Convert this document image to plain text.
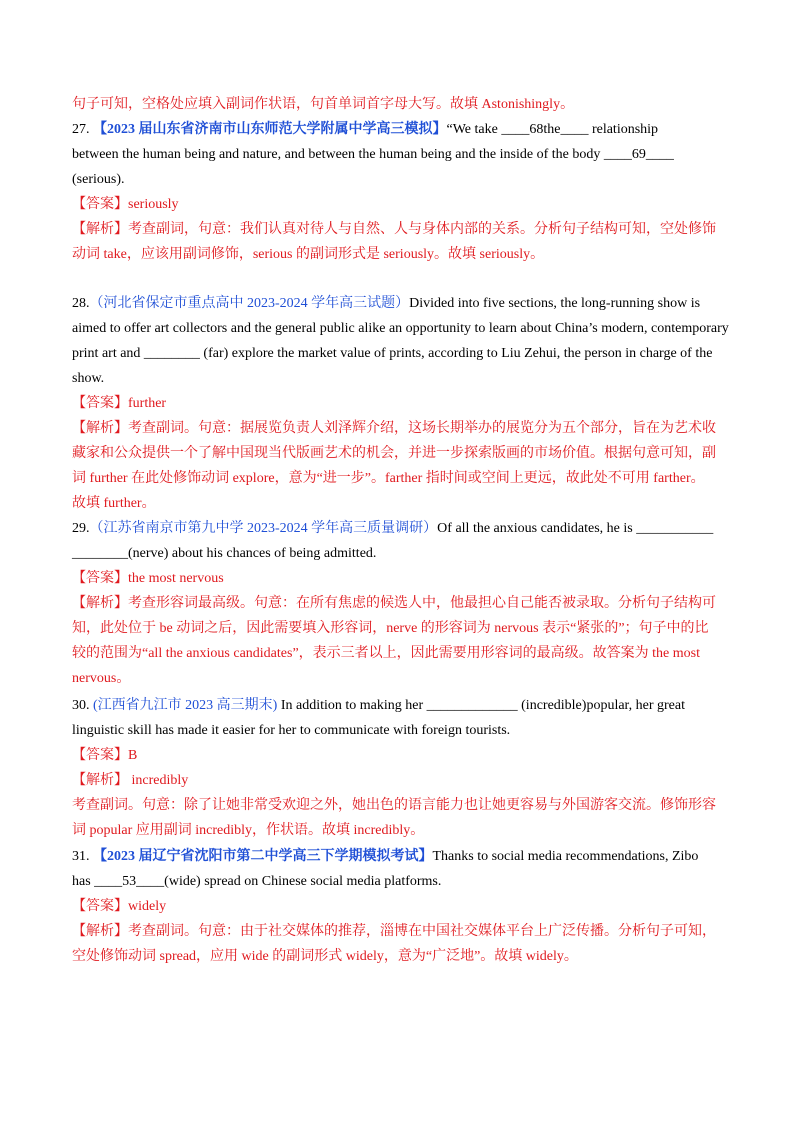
句子可知，空格处应填入副词作状语，句首单词首字母大写。故填 Astonishingly。
27. 【2023 届山东省济南市山东师范大学附属中学高三模拟】“We take ____68the____ relationship
between the human being and nature, and between the human being and the inside of the body ____69____
(serious).
【答案】seriously
【解析】考查副词，句意：我们认真对待人与自然、人与身体内部的关系。分析句子结构可知，空处修饰
动词 take，应该用副词修饰，serious 的副词形式是 seriously。故填 seriously。
28.（河北省保定市重点高中 2023-2024 学年高三试题）Divided into five sections, the long-running show is
aimed to offer art collectors and the general public alike an opportunity to learn about China’s modern, contemporary
print art and ________ (far) explore the market value of prints, according to Liu Zehui, the person in charge of the
show.
【答案】further
【解析】考查副词。句意：据展览负责人刘泽辉介绍，这场长期举办的展览分为五个部分，旨在为艺术收
藏家和公众提供一个了解中国现当代版画艺术的机会，并进一步探索版画的市场价值。根据句意可知，副
词 further 在此处修饰动词 explore，意为“进一步”。farther 指时间或空间上更远，故此处不可用 farther。
故填 further。
29.（江苏省南京市第九中学 2023-2024 学年高三质量调研）Of all the anxious candidates, he is ___________
________(nerve) about his chances of being admitted.
【答案】the most nervous
【解析】考查形容词最高级。句意：在所有焦虑的候选人中，他最担心自己能否被录取。分析句子结构可
知，此处位于 be 动词之后，因此需要填入形容词，nerve 的形容词为 nervous 表示“紧张的”；句子中的比
较的范围为“all the anxious candidates”，表示三者以上，因此需要用形容词的最高级。故答案为 the most
nervous。
30. (江西省九江市 2023 高三期末) In addition to making her _____________ (incredible)popular, her great
linguistic skill has made it easier for her to communicate with foreign tourists.
【答案】B
【解析】 incredibly
考查副词。句意：除了让她非常受欢迎之外，她出色的语言能力也让她更容易与外国游客交流。修饰形容
词 popular 应用副词 incredibly，作状语。故填 incredibly。
31. 【2023 届辽宁省沈阳市第二中学高三下学期模拟考试】Thanks to social media recommendations, Zibo
has ____53____(wide) spread on Chinese social media platforms.
【答案】widely
【解析】考查副词。句意：由于社交媒体的推荐，淄博在中国社交媒体平台上广泛传播。分析句子可知，
空处修饰动词 spread，应用 wide 的副词形式 widely，意为“广泛地”。故填 widely。
